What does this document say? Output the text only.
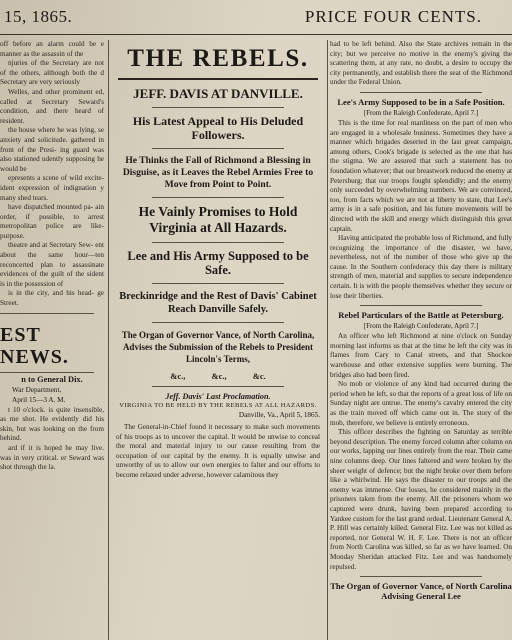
15, 1865.	PRICE FOUR CENTS.

off before an alarm could be e manner as the assassin of the

njuries of the Secretary are not of the others, although both the d Secretary are very seriously

Welles, and other prominent ed, called at Secretary Seward's condition, and there heard of resident.

the house where he was lying, se anxiety and solicitude. gathered in front of the Presi- ing guard was also stationed udently supposing he would be

epresents a scene of wild excite- ident expression of indignation y many shed tears.

have dispatched mounted pa- ain order, if possible, to arrest metropolitan police are like- purpose.

theatre and at Secretary Sew- ent about the same hour—ten reconcerted plan to assassinate evidences of the guilt of the sident is in the possession of

is in the city, and his head- ge Street.

EST NEWS.
n to General Dix.
War Department,
April 15—3 A. M.

t 10 o'clock. is quite insensible, as me shot. He evidently did his skin, but was looking on the from behind.

ard if it is hoped he may live. was in very critical. er Seward was shot through the la.

THE REBELS.
JEFF. DAVIS AT DANVILLE.
His Latest Appeal to His Deluded Followers.
He Thinks the Fall of Richmond a Blessing in Disguise, as it Leaves the Rebel Armies Free to Move from Point to Point.
He Vainly Promises to Hold Virginia at All Hazards.
Lee and His Army Supposed to be Safe.
Breckinridge and the Rest of Davis' Cabinet Reach Danville Safely.
The Organ of Governor Vance, of North Carolina, Advises the Submission of the Rebels to President Lincoln's Terms,
&c., &c., &c.
Jeff. Davis' Last Proclamation.
VIRGINIA TO BE HELD BY THE REBELS AT ALL HAZARDS.
Danville, Va., April 5, 1865.

The General-in-Chief found it necessary to make such movements of his troops as to uncover the capital. It would be unwise to conceal the moral and material injury to our cause resulting from the occupation of our capital by the enemy. It is equally unwise and unworthy of us to allow our own energies to falter and our efforts to become relaxed under adverse, however calamitous they

had to be left behind. Also the State archives remain in the city; but we perceive no motive in the enemy's giving the scattering them, at any rate, no doubt, a desire to occupy the city permanently, and establish there the seat of the Richmond under the Federal Union.

Lee's Army Supposed to be in a Safe Position.
[From the Raleigh Confederate, April 7.]

This is the time for real manliness on the part of men who are engaged in a wholesale business. Sometimes they have a manner which brigades deserted in the last great campaign, among others, Cook's brigade is selected as the one that has the stigma. We are assured that such a statement has no foundation whatever; that our breastwork reduced the enemy at Petersburg; that our troops fought splendidly; and the enemy only succeeded by overwhelming numbers. We are convinced, too, from facts which we are not at liberty to state, that Lee's army is in a safe position, and his future movements will be directed with the skill and energy which distinguish this great captain.

Having anticipated the probable loss of Richmond, and fully recognizing the importance of the disaster, we have, nevertheless, not of the number of those who give up the cause. In the Southern confederacy this day there is military strength of men, material and supplies to secure independence certain. It is with the people themselves whether they secure or lose their liberties.

Rebel Particulars of the Battle at Petersburg.
[From the Raleigh Confederate, April 7.]

An officer who left Richmond at nine o'clock on Sunday morning last informs us that at the time he left the city was in flames from Cary to Canal streets, and that Shockoe warehouse and other extensive supplies were burning. The bridges also had been fired.

No mob or violence of any kind had occurred during the period when he left, so that the reports of a great loss of life on Sunday night are untrue. The enemy's cavalry entered the city as the train moved off which came out in. The story of the mob, therefore, we believe is entirely erroneous.

This officer describes the fighting on Saturday as terrible beyond description. The enemy forced column after column on our works, lapping our lines entirely from the rear. Their came nine columns deep. Our lines faltered and were broken by the sheer weight of defence; but the night broke over them before like a whirlwind. He says the disaster to our troops and the enemy was immense. Our losses, he considered mainly in the prisoners taken from the enemy. All the prisoners whom we captured were drunk, having been prepared according to Yankee custom for the last grand ordeal. Lieutenant General A. P. Hill was certainly killed. General Fitz. Lee was not killed as reported, nor General W. H. F. Lee. There is not an officer from North Carolina was killed, so far as we have learned. On Monday Sheridan attacked Fitz. Lee and was handsomely repulsed.

The Organ of Governor Vance, of North Carolina Advising General Lee
